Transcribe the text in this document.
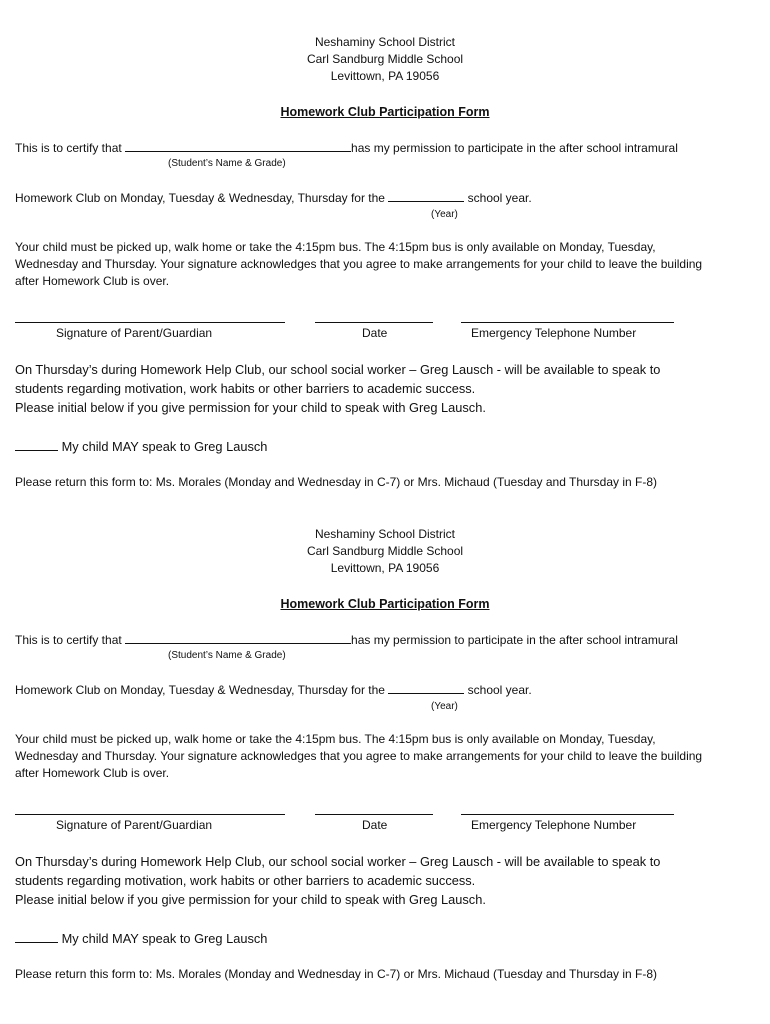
Neshaminy School District
Carl Sandburg Middle School
Levittown, PA 19056
Homework Club Participation Form
This is to certify that	has my permission to participate in the after school intramural
(Student’s Name & Grade)
Homework Club on Monday, Tuesday & Wednesday, Thursday for the	school year.
(Year)
Your child must be picked up, walk home or take the 4:15pm bus. The 4:15pm bus is only available on Monday, Tuesday,
Wednesday and Thursday. Your signature acknowledges that you agree to make arrangements for your child to leave the building
after Homework Club is over.
Signature of Parent/Guardian	Date	Emergency Telephone Number
On Thursday’s during Homework Help Club, our school social worker – Greg Lausch - will be available to speak to
students regarding motivation, work habits or other barriers to academic success.
Please initial below if you give permission for your child to speak with Greg Lausch.
My child MAY speak to Greg Lausch
Please return this form to: Ms. Morales (Monday and Wednesday in C-7) or Mrs. Michaud (Tuesday and Thursday in F-8)
Neshaminy School District
Carl Sandburg Middle School
Levittown, PA 19056
Homework Club Participation Form
This is to certify that	has my permission to participate in the after school intramural
(Student’s Name & Grade)
Homework Club on Monday, Tuesday & Wednesday, Thursday for the	school year.
(Year)
Your child must be picked up, walk home or take the 4:15pm bus. The 4:15pm bus is only available on Monday, Tuesday,
Wednesday and Thursday. Your signature acknowledges that you agree to make arrangements for your child to leave the building
after Homework Club is over.
Signature of Parent/Guardian	Date	Emergency Telephone Number
On Thursday’s during Homework Help Club, our school social worker – Greg Lausch - will be available to speak to
students regarding motivation, work habits or other barriers to academic success.
Please initial below if you give permission for your child to speak with Greg Lausch.
My child MAY speak to Greg Lausch
Please return this form to: Ms. Morales (Monday and Wednesday in C-7) or Mrs. Michaud (Tuesday and Thursday in F-8)
